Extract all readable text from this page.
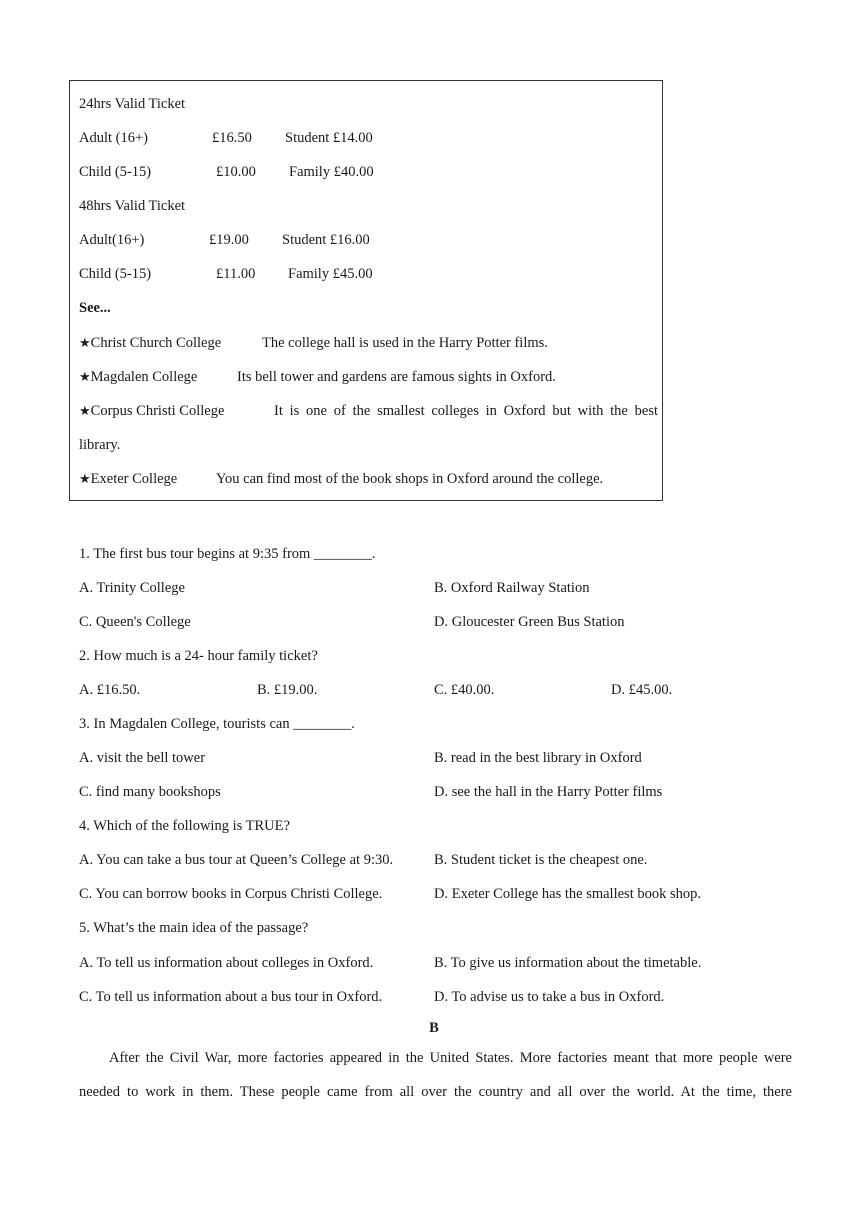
24hrs Valid Ticket
Adult (16+)	£16.50 Student £14.00
Child (5-15)	£10.00 Family £40.00
48hrs Valid Ticket
Adult(16+)	£19.00 Student £16.00
Child (5-15)	£11.00 Family £45.00
See...
★Christ Church College	The college hall is used in the Harry Potter films.
★Magdalen College	Its bell tower and gardens are famous sights in Oxford.
★Corpus Christi College	It is one of the smallest colleges in Oxford but with the best
library.
★Exeter College	You can find most of the book shops in Oxford around the college.
1. The first bus tour begins at 9:35 from ________.
A. Trinity College	B. Oxford Railway Station
C. Queen's College	D. Gloucester Green Bus Station
2. How much is a 24- hour family ticket?
A. £16.50.	B. £19.00.	C. £40.00.	D. £45.00.
3. In Magdalen College, tourists can ________.
A. visit the bell tower	B. read in the best library in Oxford
C. find many bookshops	D. see the hall in the Harry Potter films
4. Which of the following is TRUE?
A. You can take a bus tour at Queen’s College at 9:30.	B. Student ticket is the cheapest one.
C. You can borrow books in Corpus Christi College.	D. Exeter College has the smallest book shop.
5. What’s the main idea of the passage?
A. To tell us information about colleges in Oxford.	B. To give us information about the timetable.
C. To tell us information about a bus tour in Oxford.	D. To advise us to take a bus in Oxford.
B
After the Civil War, more factories appeared in the United States. More factories meant that more people were
needed to work in them. These people came from all over the country and all over the world. At the time, there
